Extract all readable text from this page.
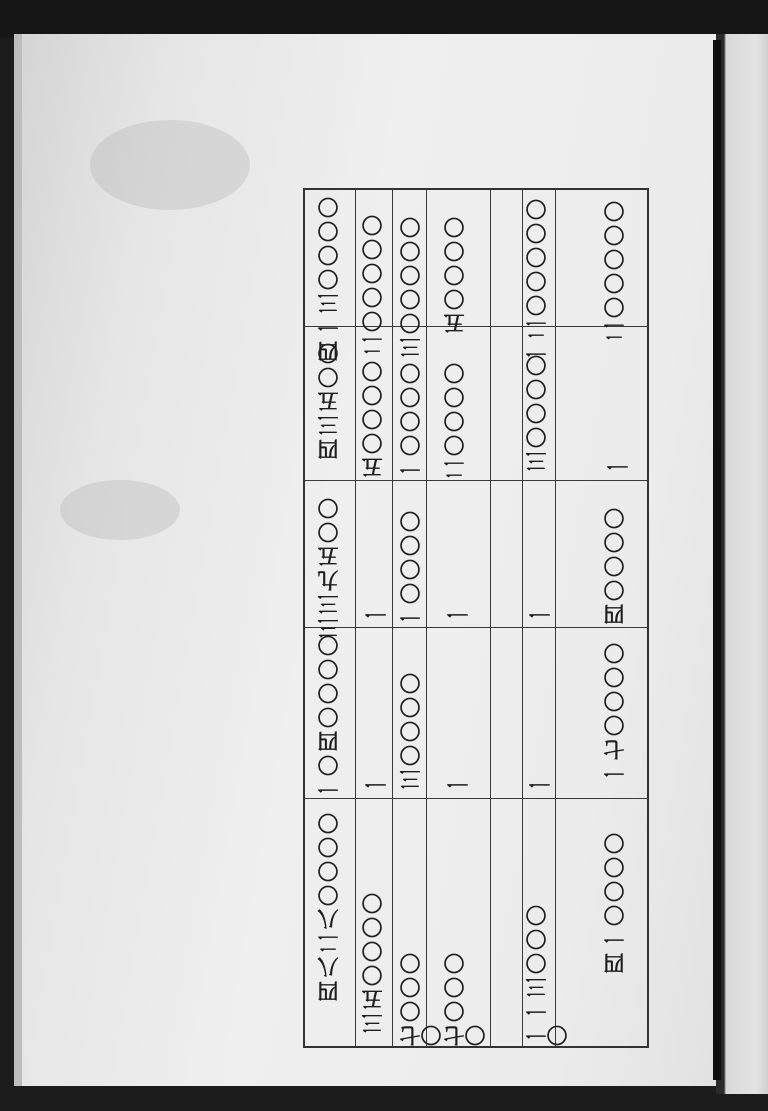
二〇〇〇〇〇
一
四〇〇〇〇
一七〇〇〇〇
四一〇〇〇〇
一二〇〇〇〇〇
三〇〇〇〇
一
一
一一三〇〇〇〇
五〇〇〇〇
二〇〇〇〇
一
一
七〇〇〇〇
三〇〇〇〇〇
一〇〇〇〇
一〇〇〇〇
三〇〇〇〇
七〇〇〇〇
二〇〇〇〇〇
五〇〇〇〇
一
一
三五〇〇〇〇
四一三〇〇〇〇
四三五〇〇
三三九五〇〇
一〇四〇〇〇〇
四八二八〇〇〇〇
